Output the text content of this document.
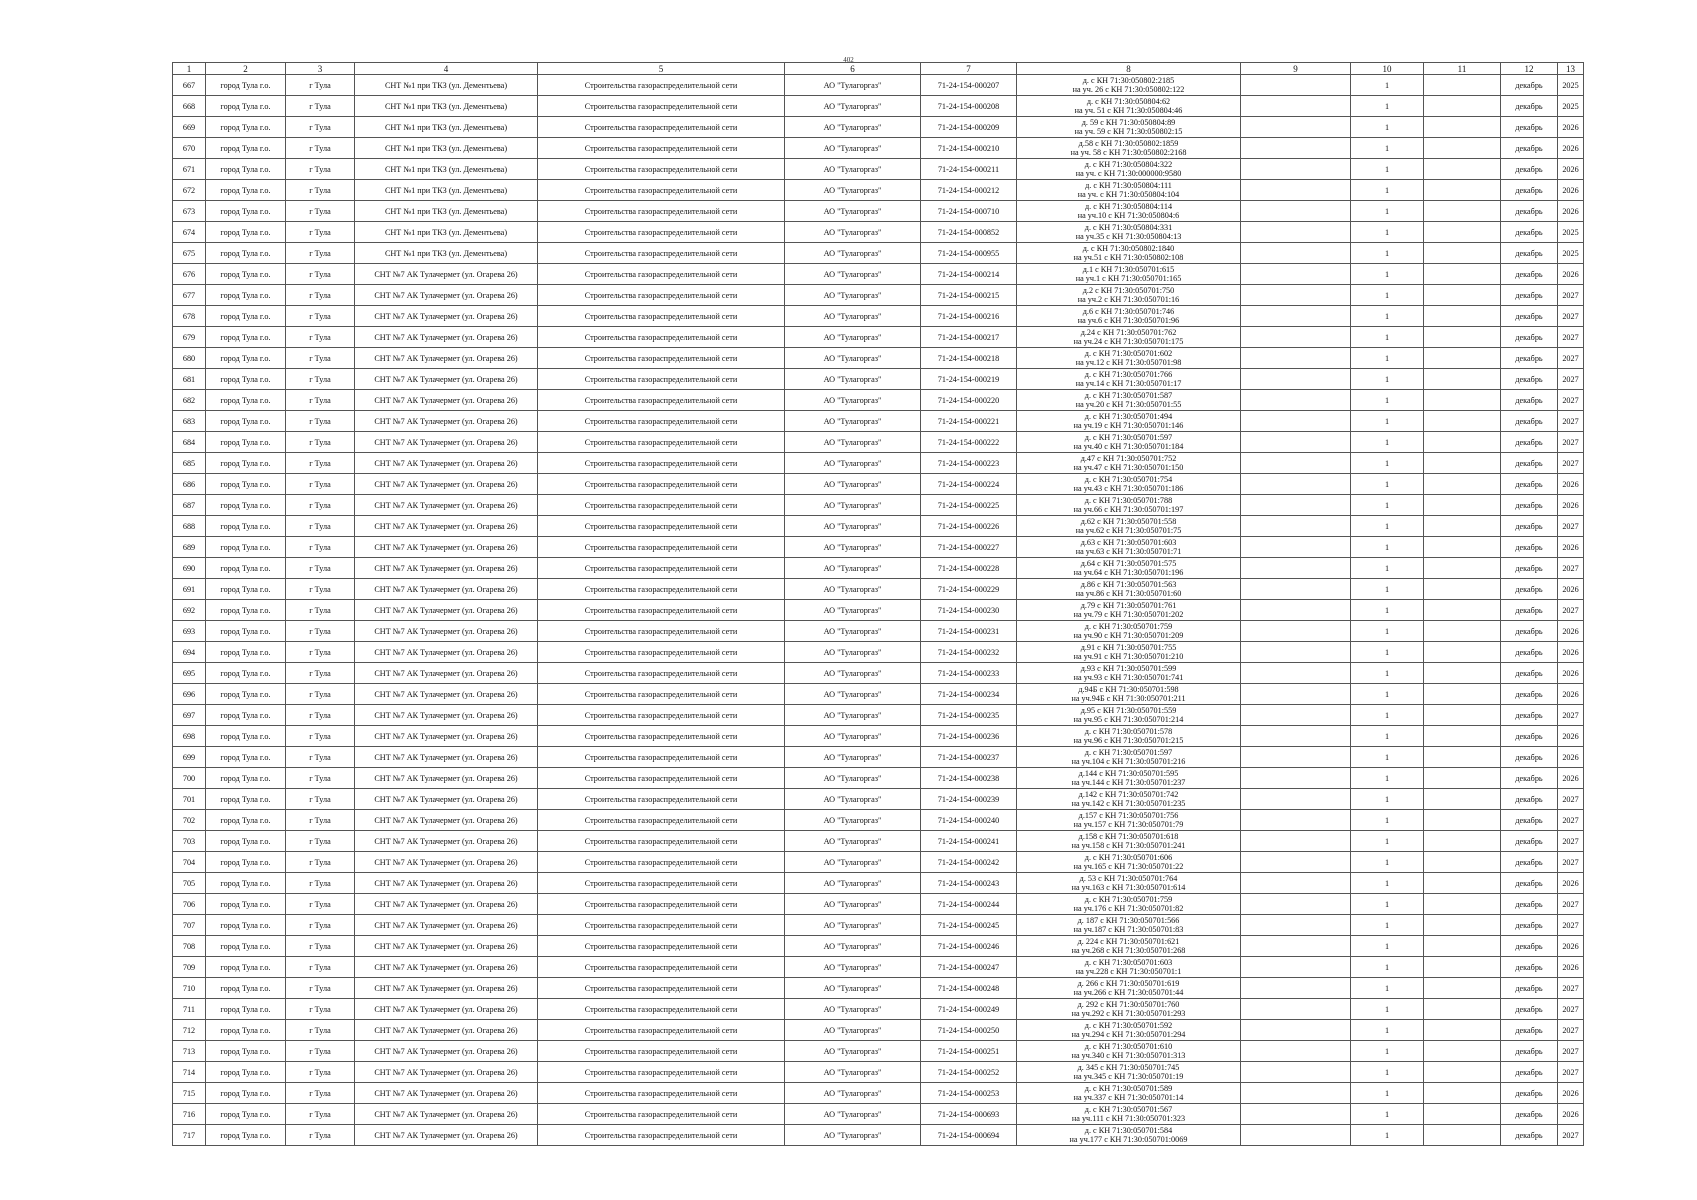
402
1	2	3	4	5	6	7	8	9	10	11	12	13
667	город Тула г.о.	г Тула	СНТ №1 при ТКЗ (ул. Дементьева)	Строительства газораспределительной сети	АО "Тулагоргаз"	71-24-154-000207	д. с КН 71:30:050802:2185
на уч. 26 с КН 71:30:050802:122		1		декабрь	2025
668	город Тула г.о.	г Тула	СНТ №1 при ТКЗ (ул. Дементьева)	Строительства газораспределительной сети	АО "Тулагоргаз"	71-24-154-000208	д. с КН 71:30:050804:62
на уч. 51 с КН 71:30:050804:46		1		декабрь	2025
669	город Тула г.о.	г Тула	СНТ №1 при ТКЗ (ул. Дементьева)	Строительства газораспределительной сети	АО "Тулагоргаз"	71-24-154-000209	д. 59 с КН 71:30:050804:89
на уч. 59 с КН 71:30:050802:15		1		декабрь	2026
670	город Тула г.о.	г Тула	СНТ №1 при ТКЗ (ул. Дементьева)	Строительства газораспределительной сети	АО "Тулагоргаз"	71-24-154-000210	д.58 с КН 71:30:050802:1859
на уч. 58 с КН 71:30:050802:2168		1		декабрь	2026
671	город Тула г.о.	г Тула	СНТ №1 при ТКЗ (ул. Дементьева)	Строительства газораспределительной сети	АО "Тулагоргаз"	71-24-154-000211	д. с КН 71:30:050804:322
на уч. с КН 71:30:000000:9580		1		декабрь	2026
672	город Тула г.о.	г Тула	СНТ №1 при ТКЗ (ул. Дементьева)	Строительства газораспределительной сети	АО "Тулагоргаз"	71-24-154-000212	д. с КН 71:30:050804:111
на уч. с КН 71:30:050804:104		1		декабрь	2026
673	город Тула г.о.	г Тула	СНТ №1 при ТКЗ (ул. Дементьева)	Строительства газораспределительной сети	АО "Тулагоргаз"	71-24-154-000710	д. с КН 71:30:050804:114
на уч.10 с КН 71:30:050804:6		1		декабрь	2026
674	город Тула г.о.	г Тула	СНТ №1 при ТКЗ (ул. Дементьева)	Строительства газораспределительной сети	АО "Тулагоргаз"	71-24-154-000852	д. с КН 71:30:050804:331
на уч.35 с КН 71:30:050804:13		1		декабрь	2025
675	город Тула г.о.	г Тула	СНТ №1 при ТКЗ (ул. Дементьева)	Строительства газораспределительной сети	АО "Тулагоргаз"	71-24-154-000955	д. с КН 71:30:050802:1840
на уч.51 с КН 71:30:050802:108		1		декабрь	2025
676	город Тула г.о.	г Тула	СНТ №7 АК Тулачермет (ул. Огарева 26)	Строительства газораспределительной сети	АО "Тулагоргаз"	71-24-154-000214	д.1 с КН 71:30:050701:615
на уч.1 с КН 71:30:050701:165		1		декабрь	2026
677	город Тула г.о.	г Тула	СНТ №7 АК Тулачермет (ул. Огарева 26)	Строительства газораспределительной сети	АО "Тулагоргаз"	71-24-154-000215	д.2 с КН 71:30:050701:750
на уч.2 с КН 71:30:050701:16		1		декабрь	2027
678	город Тула г.о.	г Тула	СНТ №7 АК Тулачермет (ул. Огарева 26)	Строительства газораспределительной сети	АО "Тулагоргаз"	71-24-154-000216	д.6 с КН 71:30:050701:746
на уч.6 с КН 71:30:050701:96		1		декабрь	2027
679	город Тула г.о.	г Тула	СНТ №7 АК Тулачермет (ул. Огарева 26)	Строительства газораспределительной сети	АО "Тулагоргаз"	71-24-154-000217	д.24 с КН 71:30:050701:762
на уч.24 с КН 71:30:050701:175		1		декабрь	2027
680	город Тула г.о.	г Тула	СНТ №7 АК Тулачермет (ул. Огарева 26)	Строительства газораспределительной сети	АО "Тулагоргаз"	71-24-154-000218	д. с КН 71:30:050701:602
на уч.12 с КН 71:30:050701:98		1		декабрь	2027
681	город Тула г.о.	г Тула	СНТ №7 АК Тулачермет (ул. Огарева 26)	Строительства газораспределительной сети	АО "Тулагоргаз"	71-24-154-000219	д. с КН 71:30:050701:766
на уч.14 с КН 71:30:050701:17		1		декабрь	2027
682	город Тула г.о.	г Тула	СНТ №7 АК Тулачермет (ул. Огарева 26)	Строительства газораспределительной сети	АО "Тулагоргаз"	71-24-154-000220	д. с КН 71:30:050701:587
на уч.20 с КН 71:30:050701:55		1		декабрь	2027
683	город Тула г.о.	г Тула	СНТ №7 АК Тулачермет (ул. Огарева 26)	Строительства газораспределительной сети	АО "Тулагоргаз"	71-24-154-000221	д. с КН 71:30:050701:494
на уч.19 с КН 71:30:050701:146		1		декабрь	2027
684	город Тула г.о.	г Тула	СНТ №7 АК Тулачермет (ул. Огарева 26)	Строительства газораспределительной сети	АО "Тулагоргаз"	71-24-154-000222	д. с КН 71:30:050701:597
на уч.40 с КН 71:30:050701:184		1		декабрь	2027
685	город Тула г.о.	г Тула	СНТ №7 АК Тулачермет (ул. Огарева 26)	Строительства газораспределительной сети	АО "Тулагоргаз"	71-24-154-000223	д.47 с КН 71:30:050701:752
на уч.47 с КН 71:30:050701:150		1		декабрь	2027
686	город Тула г.о.	г Тула	СНТ №7 АК Тулачермет (ул. Огарева 26)	Строительства газораспределительной сети	АО "Тулагоргаз"	71-24-154-000224	д. с КН 71:30:050701:754
на уч.43 с КН 71:30:050701:186		1		декабрь	2026
687	город Тула г.о.	г Тула	СНТ №7 АК Тулачермет (ул. Огарева 26)	Строительства газораспределительной сети	АО "Тулагоргаз"	71-24-154-000225	д. с КН 71:30:050701:788
на уч.66 с КН 71:30:050701:197		1		декабрь	2026
688	город Тула г.о.	г Тула	СНТ №7 АК Тулачермет (ул. Огарева 26)	Строительства газораспределительной сети	АО "Тулагоргаз"	71-24-154-000226	д.62 с КН 71:30:050701:558
на уч.62 с КН 71:30:050701:75		1		декабрь	2027
689	город Тула г.о.	г Тула	СНТ №7 АК Тулачермет (ул. Огарева 26)	Строительства газораспределительной сети	АО "Тулагоргаз"	71-24-154-000227	д.63 с КН 71:30:050701:603
на уч.63 с КН 71:30:050701:71		1		декабрь	2026
690	город Тула г.о.	г Тула	СНТ №7 АК Тулачермет (ул. Огарева 26)	Строительства газораспределительной сети	АО "Тулагоргаз"	71-24-154-000228	д.64 с КН 71:30:050701:575
на уч.64 с КН 71:30:050701:196		1		декабрь	2027
691	город Тула г.о.	г Тула	СНТ №7 АК Тулачермет (ул. Огарева 26)	Строительства газораспределительной сети	АО "Тулагоргаз"	71-24-154-000229	д.86 с КН 71:30:050701:563
на уч.86 с КН 71:30:050701:60		1		декабрь	2026
692	город Тула г.о.	г Тула	СНТ №7 АК Тулачермет (ул. Огарева 26)	Строительства газораспределительной сети	АО "Тулагоргаз"	71-24-154-000230	д.79 с КН 71:30:050701:761
на уч.79 с КН 71:30:050701:202		1		декабрь	2027
693	город Тула г.о.	г Тула	СНТ №7 АК Тулачермет (ул. Огарева 26)	Строительства газораспределительной сети	АО "Тулагоргаз"	71-24-154-000231	д. с КН 71:30:050701:759
на уч.90 с КН 71:30:050701:209		1		декабрь	2026
694	город Тула г.о.	г Тула	СНТ №7 АК Тулачермет (ул. Огарева 26)	Строительства газораспределительной сети	АО "Тулагоргаз"	71-24-154-000232	д.91 с КН 71:30:050701:755
на уч.91 с КН 71:30:050701:210		1		декабрь	2026
695	город Тула г.о.	г Тула	СНТ №7 АК Тулачермет (ул. Огарева 26)	Строительства газораспределительной сети	АО "Тулагоргаз"	71-24-154-000233	д.93 с КН 71:30:050701:599
на уч.93 с КН 71:30:050701:741		1		декабрь	2026
696	город Тула г.о.	г Тула	СНТ №7 АК Тулачермет (ул. Огарева 26)	Строительства газораспределительной сети	АО "Тулагоргаз"	71-24-154-000234	д.94Б с КН 71:30:050701:598
на уч.94Б с КН 71:30:050701:211		1		декабрь	2026
697	город Тула г.о.	г Тула	СНТ №7 АК Тулачермет (ул. Огарева 26)	Строительства газораспределительной сети	АО "Тулагоргаз"	71-24-154-000235	д.95 с КН 71:30:050701:559
на уч.95 с КН 71:30:050701:214		1		декабрь	2027
698	город Тула г.о.	г Тула	СНТ №7 АК Тулачермет (ул. Огарева 26)	Строительства газораспределительной сети	АО "Тулагоргаз"	71-24-154-000236	д. с КН 71:30:050701:578
на уч.96 с КН 71:30:050701:215		1		декабрь	2026
699	город Тула г.о.	г Тула	СНТ №7 АК Тулачермет (ул. Огарева 26)	Строительства газораспределительной сети	АО "Тулагоргаз"	71-24-154-000237	д. с КН 71:30:050701:597
на уч.104 с КН 71:30:050701:216		1		декабрь	2026
700	город Тула г.о.	г Тула	СНТ №7 АК Тулачермет (ул. Огарева 26)	Строительства газораспределительной сети	АО "Тулагоргаз"	71-24-154-000238	д.144 с КН 71:30:050701:595
на уч.144 с КН 71:30:050701:237		1		декабрь	2026
701	город Тула г.о.	г Тула	СНТ №7 АК Тулачермет (ул. Огарева 26)	Строительства газораспределительной сети	АО "Тулагоргаз"	71-24-154-000239	д.142 с КН 71:30:050701:742
на уч.142 с КН 71:30:050701:235		1		декабрь	2027
702	город Тула г.о.	г Тула	СНТ №7 АК Тулачермет (ул. Огарева 26)	Строительства газораспределительной сети	АО "Тулагоргаз"	71-24-154-000240	д.157 с КН 71:30:050701:756
на уч.157 с КН 71:30:050701:79		1		декабрь	2027
703	город Тула г.о.	г Тула	СНТ №7 АК Тулачермет (ул. Огарева 26)	Строительства газораспределительной сети	АО "Тулагоргаз"	71-24-154-000241	д.158 с КН 71:30:050701:618
на уч.158 с КН 71:30:050701:241		1		декабрь	2027
704	город Тула г.о.	г Тула	СНТ №7 АК Тулачермет (ул. Огарева 26)	Строительства газораспределительной сети	АО "Тулагоргаз"	71-24-154-000242	д. с КН 71:30:050701:606
на уч.165 с КН 71:30:050701:22		1		декабрь	2027
705	город Тула г.о.	г Тула	СНТ №7 АК Тулачермет (ул. Огарева 26)	Строительства газораспределительной сети	АО "Тулагоргаз"	71-24-154-000243	д. 53 с КН 71:30:050701:764
на уч.163 с КН 71:30:050701:614		1		декабрь	2026
706	город Тула г.о.	г Тула	СНТ №7 АК Тулачермет (ул. Огарева 26)	Строительства газораспределительной сети	АО "Тулагоргаз"	71-24-154-000244	д. с КН 71:30:050701:759
на уч.176 с КН 71:30:050701:82		1		декабрь	2027
707	город Тула г.о.	г Тула	СНТ №7 АК Тулачермет (ул. Огарева 26)	Строительства газораспределительной сети	АО "Тулагоргаз"	71-24-154-000245	д. 187 с КН 71:30:050701:566
на уч.187 с КН 71:30:050701:83		1		декабрь	2027
708	город Тула г.о.	г Тула	СНТ №7 АК Тулачермет (ул. Огарева 26)	Строительства газораспределительной сети	АО "Тулагоргаз"	71-24-154-000246	д. 224 с КН 71:30:050701:621
на уч.268 с КН 71:30:050701:268		1		декабрь	2026
709	город Тула г.о.	г Тула	СНТ №7 АК Тулачермет (ул. Огарева 26)	Строительства газораспределительной сети	АО "Тулагоргаз"	71-24-154-000247	д. с КН 71:30:050701:603
на уч.228 с КН 71:30:050701:1		1		декабрь	2026
710	город Тула г.о.	г Тула	СНТ №7 АК Тулачермет (ул. Огарева 26)	Строительства газораспределительной сети	АО "Тулагоргаз"	71-24-154-000248	д. 266 с КН 71:30:050701:619
на уч.266 с КН 71:30:050701:44		1		декабрь	2027
711	город Тула г.о.	г Тула	СНТ №7 АК Тулачермет (ул. Огарева 26)	Строительства газораспределительной сети	АО "Тулагоргаз"	71-24-154-000249	д. 292 с КН 71:30:050701:760
на уч.292 с КН 71:30:050701:293		1		декабрь	2027
712	город Тула г.о.	г Тула	СНТ №7 АК Тулачермет (ул. Огарева 26)	Строительства газораспределительной сети	АО "Тулагоргаз"	71-24-154-000250	д. с КН 71:30:050701:592
на уч.294 с КН 71:30:050701:294		1		декабрь	2027
713	город Тула г.о.	г Тула	СНТ №7 АК Тулачермет (ул. Огарева 26)	Строительства газораспределительной сети	АО "Тулагоргаз"	71-24-154-000251	д. с КН 71:30:050701:610
на уч.340 с КН 71:30:050701:313		1		декабрь	2027
714	город Тула г.о.	г Тула	СНТ №7 АК Тулачермет (ул. Огарева 26)	Строительства газораспределительной сети	АО "Тулагоргаз"	71-24-154-000252	д. 345 с КН 71:30:050701:745
на уч.345 с КН 71:30:050701:19		1		декабрь	2027
715	город Тула г.о.	г Тула	СНТ №7 АК Тулачермет (ул. Огарева 26)	Строительства газораспределительной сети	АО "Тулагоргаз"	71-24-154-000253	д. с КН 71:30:050701:589
на уч.337 с КН 71:30:050701:14		1		декабрь	2026
716	город Тула г.о.	г Тула	СНТ №7 АК Тулачермет (ул. Огарева 26)	Строительства газораспределительной сети	АО "Тулагоргаз"	71-24-154-000693	д. с КН 71:30:050701:567
на уч.111 с КН 71:30:050701:323		1		декабрь	2026
717	город Тула г.о.	г Тула	СНТ №7 АК Тулачермет (ул. Огарева 26)	Строительства газораспределительной сети	АО "Тулагоргаз"	71-24-154-000694	д. с КН 71:30:050701:584
на уч.177 с КН 71:30:050701:0069		1		декабрь	2027
